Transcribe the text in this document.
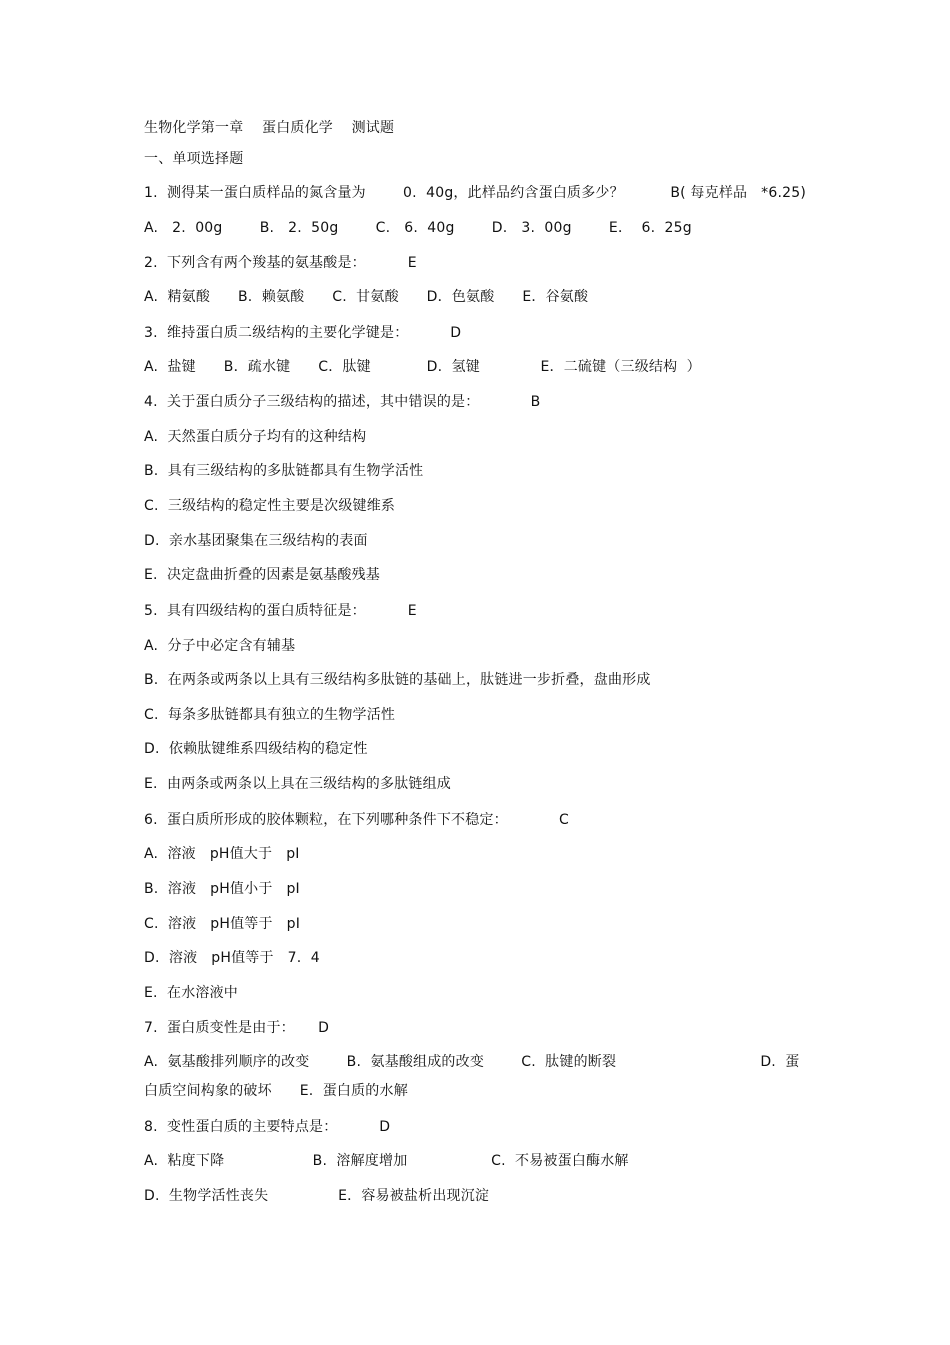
生物化学第一章    蛋白质化学    测试题
一、单项选择题
1.  测得某一蛋白质样品的氮含量为        0.  40g，此样品约含蛋白质多少？          B( 每克样品   *6.25)
A.   2.  00g        B.   2.  50g        C.   6.  40g        D.   3.  00g        E．  6.  25g
2.  下列含有两个羧基的氨基酸是：         E
A.  精氨酸      B.  赖氨酸      C.  甘氨酸      D．色氨酸      E．谷氨酸
3.  维持蛋白质二级结构的主要化学键是：         D
A.  盐键      B．疏水键      C．肽键            D.  氢键             E．二硫键（三级结构  ）
4.  关于蛋白质分子三级结构的描述，其中错误的是：           B
A.  天然蛋白质分子均有的这种结构
B.  具有三级结构的多肽链都具有生物学活性
C.  三级结构的稳定性主要是次级键维系
D.  亲水基团聚集在三级结构的表面
E.  决定盘曲折叠的因素是氨基酸残基
5.  具有四级结构的蛋白质特征是：         E
A.  分子中必定含有辅基
B.  在两条或两条以上具有三级结构多肽链的基础上，肽链进一步折叠，盘曲形成
C.  每条多肽链都具有独立的生物学活性
D.  依赖肽键维系四级结构的稳定性
E.  由两条或两条以上具在三级结构的多肽链组成
6.  蛋白质所形成的胶体颗粒，在下列哪种条件下不稳定：           C
A.  溶液   pH值大于   pI
B.  溶液   pH值小于   pI
C.  溶液   pH值等于   pI
D.  溶液   pH值等于   7.  4
E.  在水溶液中
7.  蛋白质变性是由于：     D
A.  氨基酸排列顺序的改变        B.  氨基酸组成的改变        C.  肽键的断裂                               D.  蛋
白质空间构象的破坏      E.  蛋白质的水解
8.  变性蛋白质的主要特点是：         D
A.  粘度下降                   B.  溶解度增加                  C.  不易被蛋白酶水解
D.  生物学活性丧失               E．容易被盐析出现沉淀
